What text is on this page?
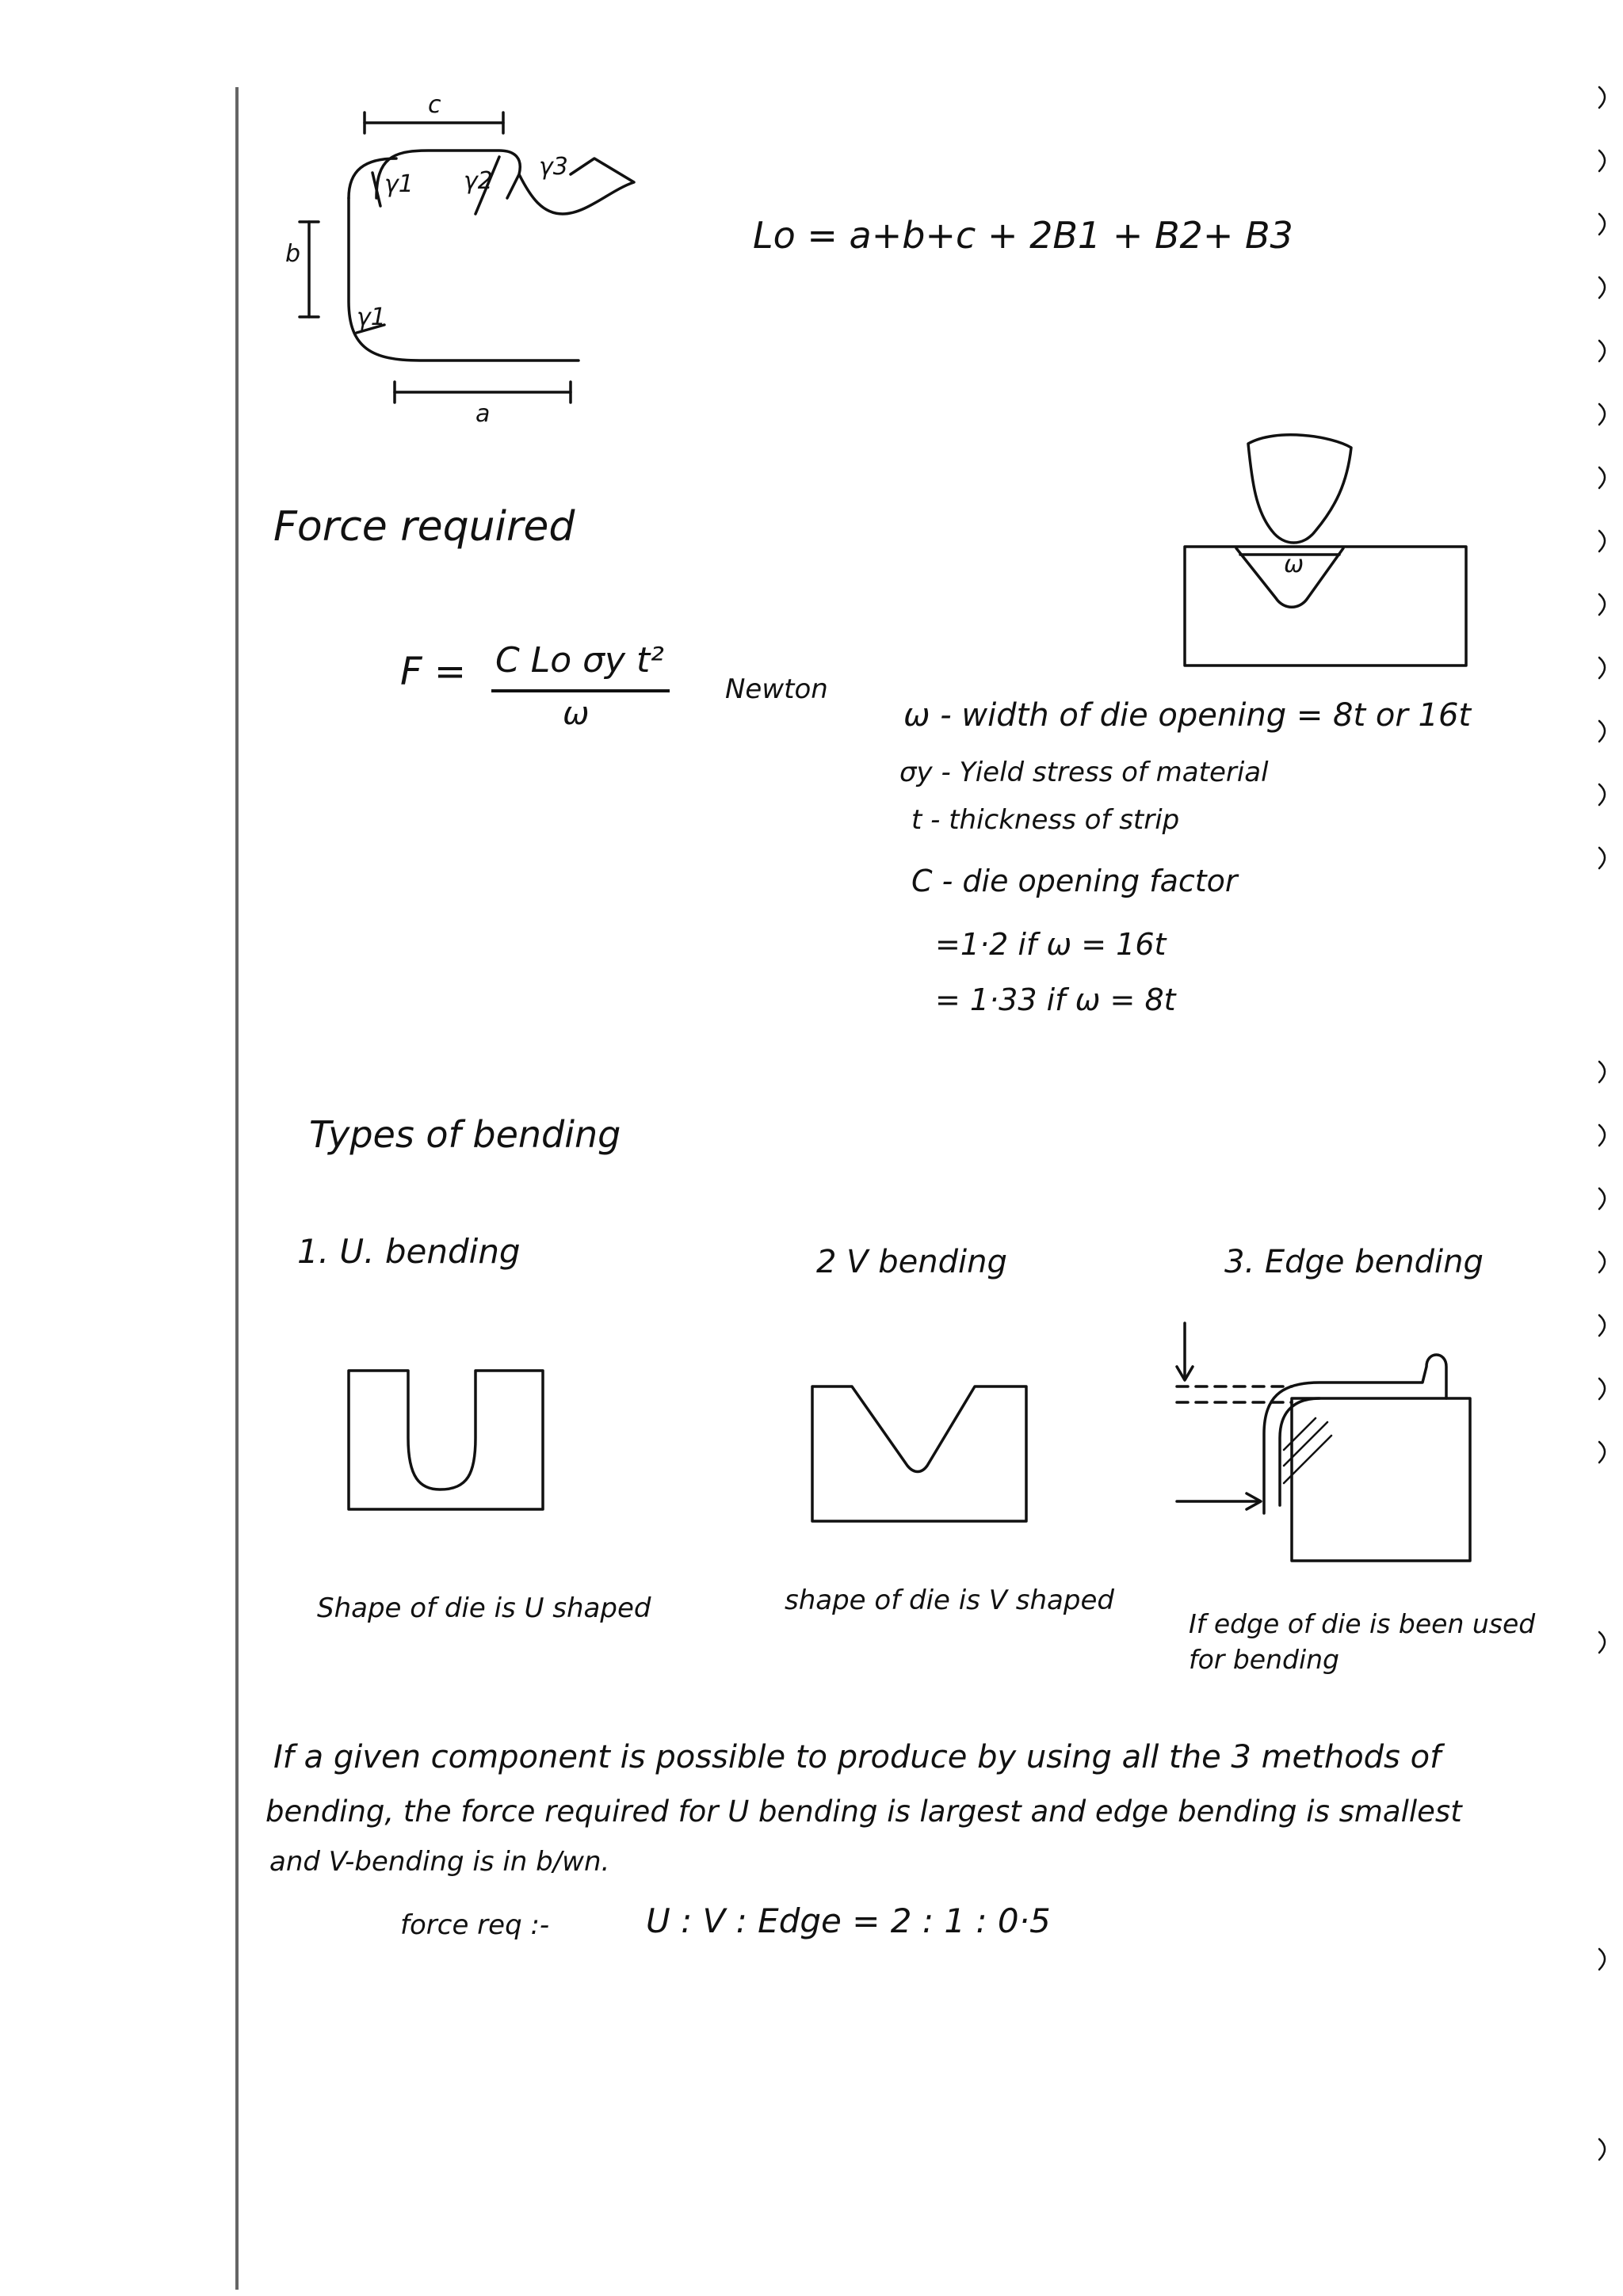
c
b
a
γ1 γ2
γ3
γ1
Lo = a+b+c + 2B1 + B2+ B3
ω
Force required
F = C Lo σy t²
ω
Newton
ω - width of die opening = 8t or 16t
σy - Yield stress of material
t - thickness of strip
C - die opening factor
=1·2 if ω = 16t
= 1·33 if ω = 8t
Types of bending
1. U. bending	2 V bending	3. Edge bending
Shape of die is U shaped	shape of die is V shaped
If edge of die is been used
for bending
If a given component is possible to produce by using all the 3 methods of
bending, the force required for U bending is largest and edge bending is smallest
and V-bending is in b/wn.
force req :-	U : V : Edge = 2 : 1 : 0·5
